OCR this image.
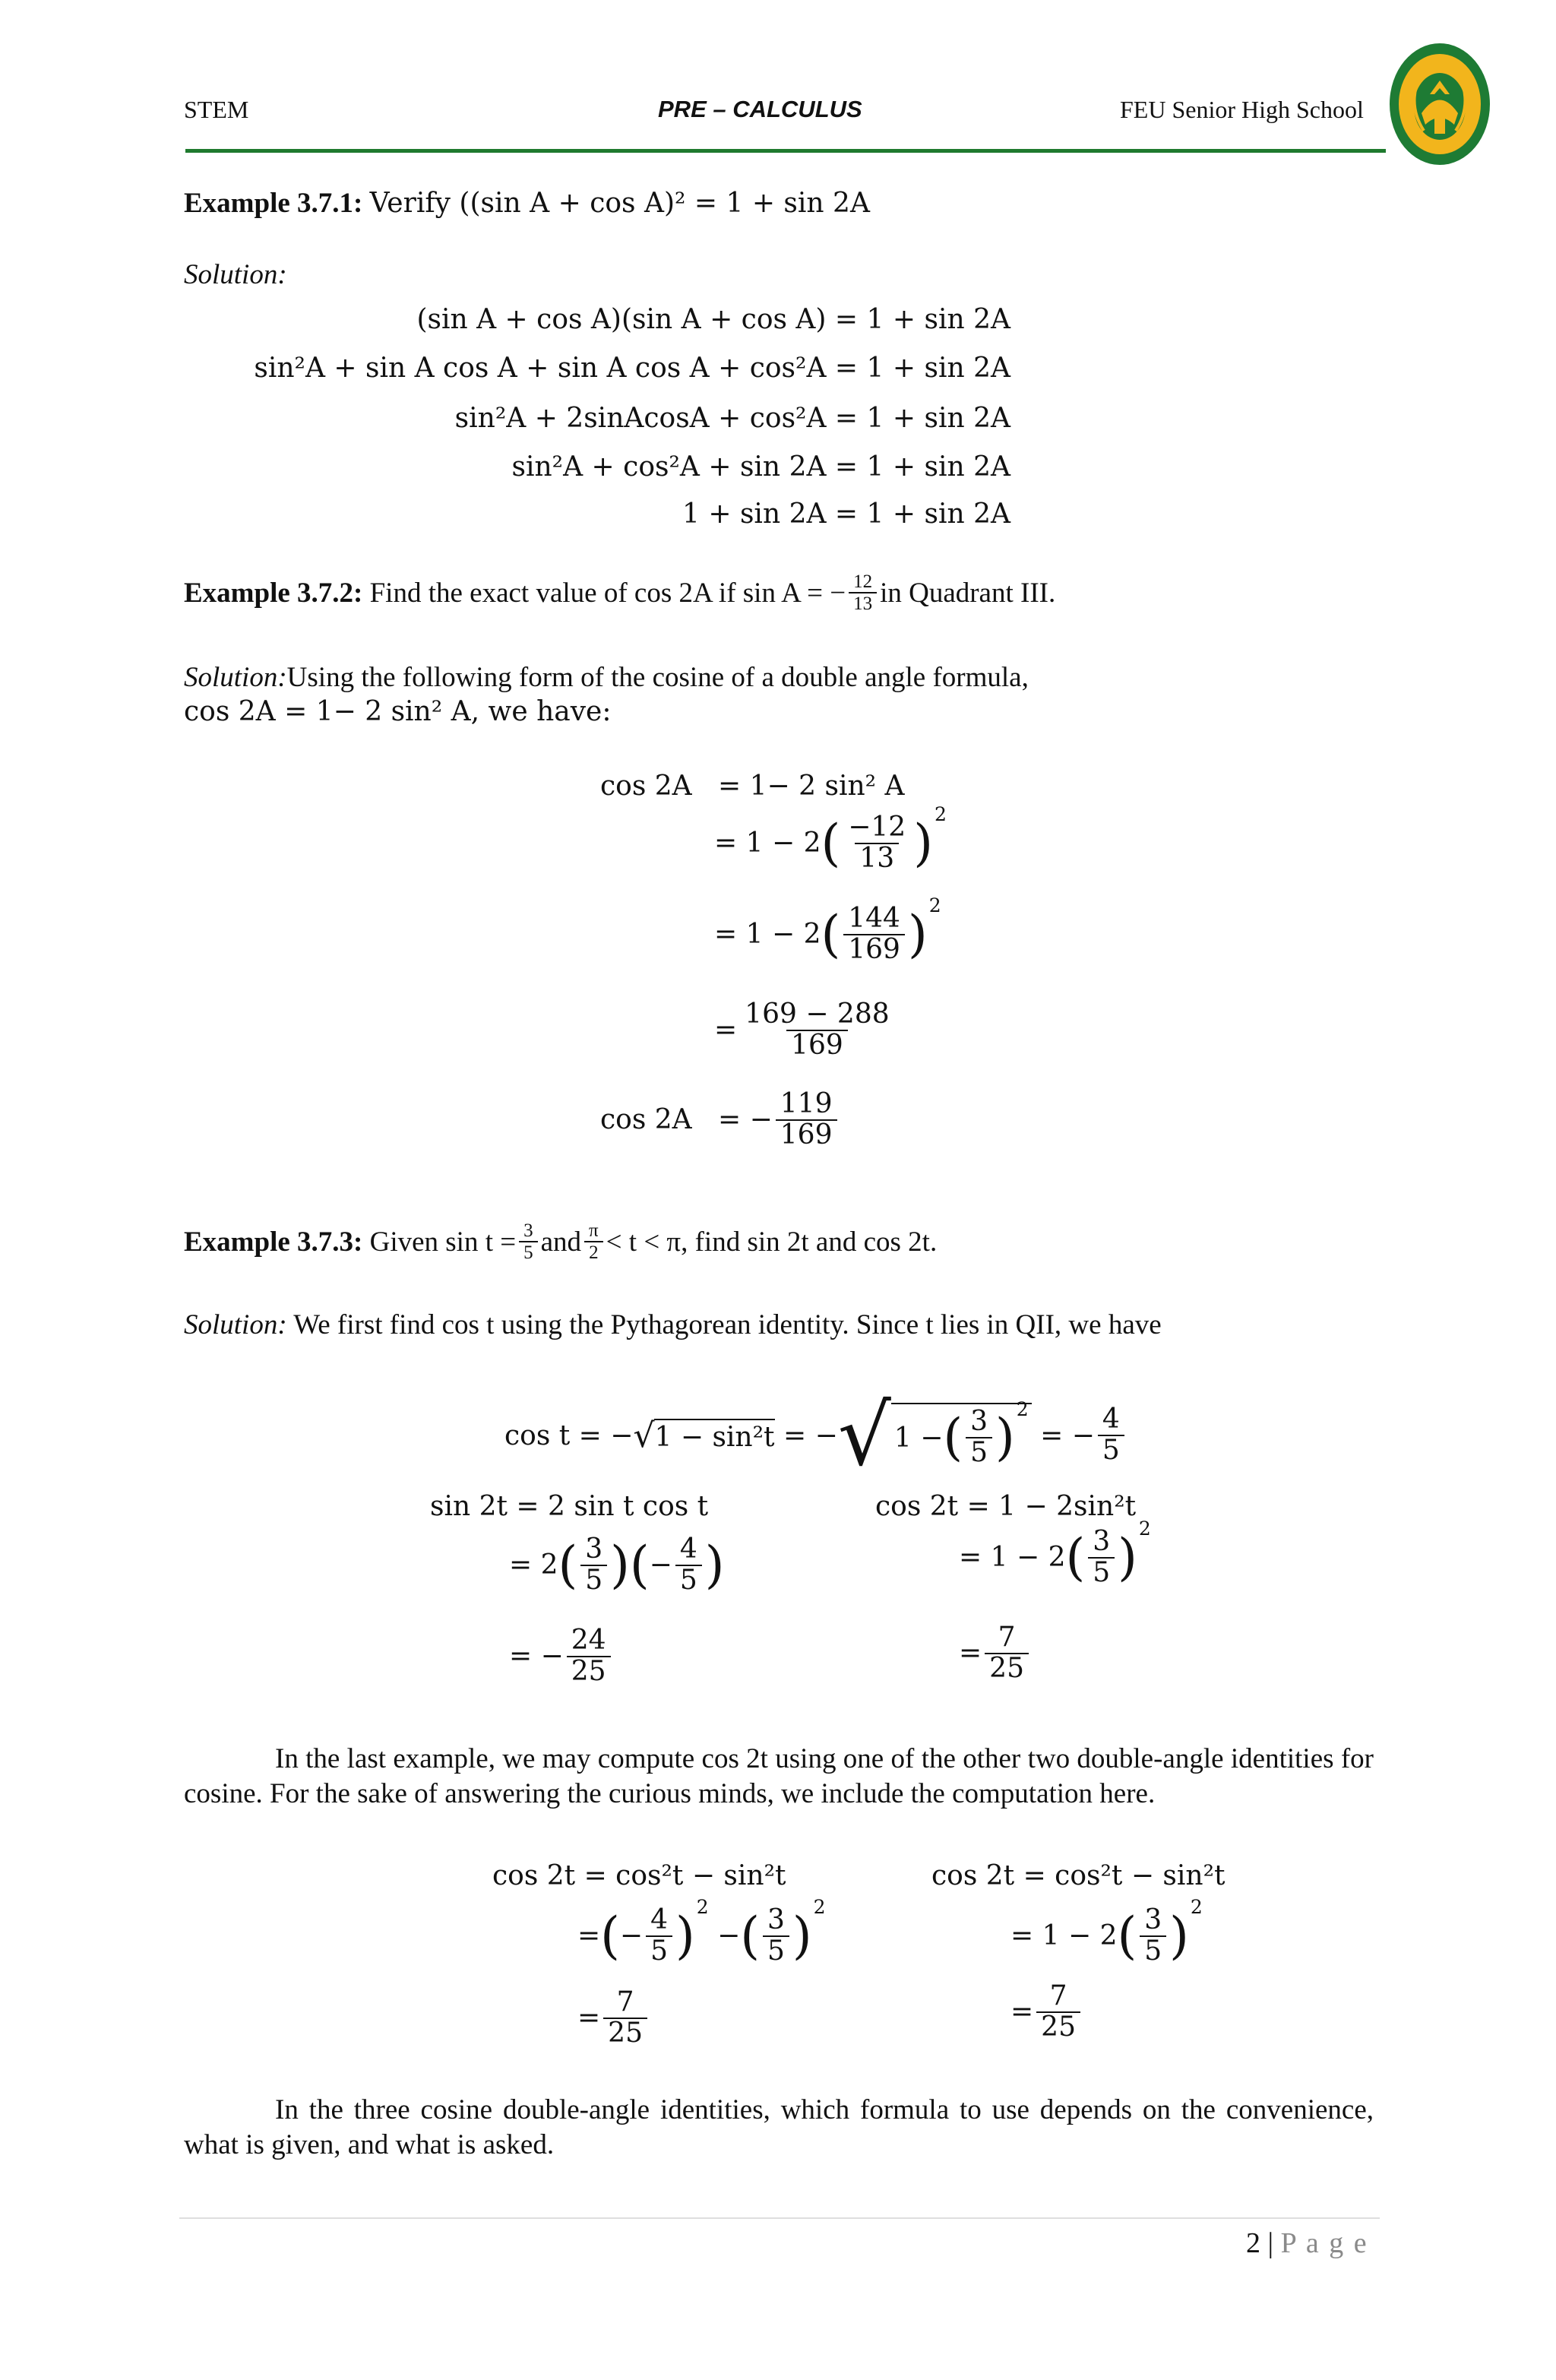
STEM	PRE – CALCULUS	FEU Senior High School
Example 3.7.1: Verify ((sin A + cos A)² = 1 + sin 2A
Solution:
(sin A + cos A)(sin A + cos A) = 1 + sin 2A
sin²A + sin A cos A + sin A cos A + cos²A = 1 + sin 2A
sin²A + 2sinAcosA + cos²A = 1 + sin 2A
sin²A + cos²A + sin 2A = 1 + sin 2A
1 + sin 2A = 1 + sin 2A
Example 3.7.2:
Find the exact value of cos 2A if sin A = − $\frac{12}{13}$ in Quadrant III.
Solution:Using the following form of the cosine of a double angle formula,
cos 2A = 1− 2 sin² A, we have:
cos 2A = 1− 2 sin² A
= 1 − 2 ( $\frac{-12}{13}$ ) 2
= 1 − 2 ( $\frac{144}{169}$ ) 2
= $\frac{169 - 288}{169}$
cos 2A
= − $\frac{119}{169}$
Example 3.7.3:
Given $\sin t = \frac{3}{5}$ and $\frac{\pi}{2} < t < \pi$, find sin 2t and cos 2t.
Solution: We first find cos t using the Pythagorean identity. Since t lies in QII, we have
cos t = − √ 1 − sin²t
= − √ 1 − ( $\frac{3}{5}$ ) 2
= − $\frac{4}{5}$
sin 2t = 2 sin t cos t
= 2 ( $\frac{3}{5}$ ) ( − $\frac{4}{5}$ )
= − $\frac{24}{25}$
cos 2t = 1 − 2sin²t
= 1 − 2 ( $\frac{3}{5}$ ) 2
= $\frac{7}{25}$
In the last example, we may compute cos 2t using one of the other two double-angle identities for cosine. For the sake of answering the curious minds, we include the computation here.
cos 2t = cos²t − sin²t
= ( − $\frac{4}{5}$ ) 2
− ( $\frac{3}{5}$ ) 2
= $\frac{7}{25}$
cos 2t = cos²t − sin²t
= 1 − 2 ( $\frac{3}{5}$ ) 2
= $\frac{7}{25}$
In the three cosine double-angle identities, which formula to use depends on the convenience, what is given, and what is asked.
2 | P a g e
